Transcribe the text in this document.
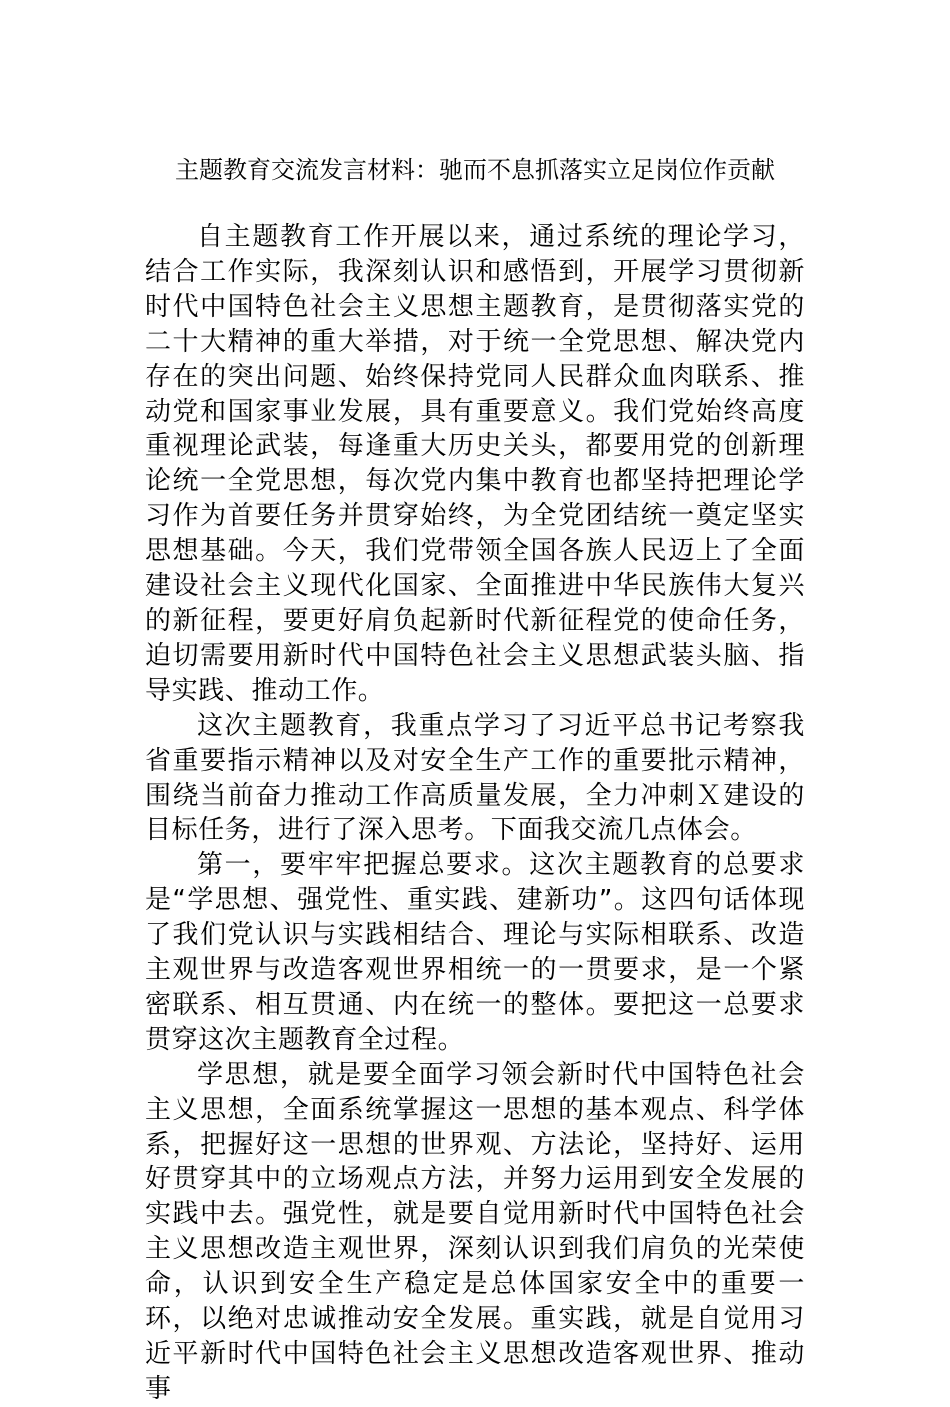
主题教育交流发言材料：驰而不息抓落实立足岗位作贡献

自主题教育工作开展以来，通过系统的理论学习，结合工作实际，我深刻认识和感悟到，开展学习贯彻新时代中国特色社会主义思想主题教育，是贯彻落实党的二十大精神的重大举措，对于统一全党思想、解决党内存在的突出问题、始终保持党同人民群众血肉联系、推动党和国家事业发展，具有重要意义。我们党始终高度重视理论武装，每逢重大历史关头，都要用党的创新理论统一全党思想，每次党内集中教育也都坚持把理论学习作为首要任务并贯穿始终，为全党团结统一奠定坚实思想基础。今天，我们党带领全国各族人民迈上了全面建设社会主义现代化国家、全面推进中华民族伟大复兴的新征程，要更好肩负起新时代新征程党的使命任务，迫切需要用新时代中国特色社会主义思想武装头脑、指导实践、推动工作。

这次主题教育，我重点学习了习近平总书记考察我省重要指示精神以及对安全生产工作的重要批示精神，围绕当前奋力推动工作高质量发展，全力冲刺Ｘ建设的目标任务，进行了深入思考。下面我交流几点体会。

第一，要牢牢把握总要求。这次主题教育的总要求是“学思想、强党性、重实践、建新功”。这四句话体现了我们党认识与实践相结合、理论与实际相联系、改造主观世界与改造客观世界相统一的一贯要求，是一个紧密联系、相互贯通、内在统一的整体。要把这一总要求贯穿这次主题教育全过程。

学思想，就是要全面学习领会新时代中国特色社会主义思想，全面系统掌握这一思想的基本观点、科学体系，把握好这一思想的世界观、方法论，坚持好、运用好贯穿其中的立场观点方法，并努力运用到安全发展的实践中去。强党性，就是要自觉用新时代中国特色社会主义思想改造主观世界，深刻认识到我们肩负的光荣使命，认识到安全生产稳定是总体国家安全中的重要一环，以绝对忠诚推动安全发展。重实践，就是自觉用习近平新时代中国特色社会主义思想改造客观世界、推动事
